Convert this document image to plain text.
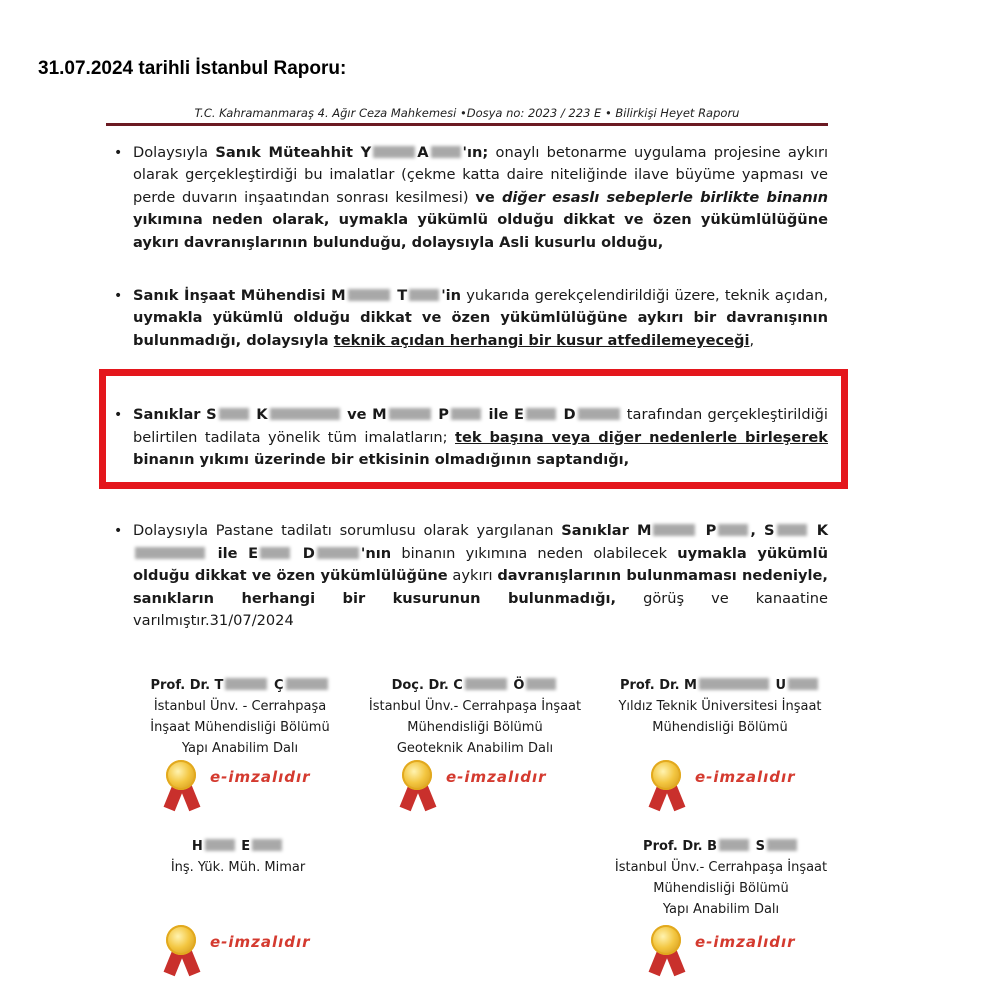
31.07.2024 tarihli İstanbul Raporu:
T.C. Kahramanmaraş 4. Ağır Ceza Mahkemesi •Dosya no: 2023 / 223 E • Bilirkişi Heyet Raporu
• Dolaysıyla Sanık Müteahhit Y	A 'ın; onaylı betonarme uygulama projesine aykırı olarak gerçekleştirdiği bu imalatlar (çekme katta daire niteliğinde ilave büyüme yapması ve perde duvarın inşaatından sonrası kesilmesi) ve diğer esaslı sebeplerle birlikte binanın yıkımına neden olarak, uymakla yükümlü olduğu dikkat ve özen yükümlülüğüne aykırı davranışlarının bulunduğu, dolaysıyla Asli kusurlu olduğu,
• Sanık İnşaat Mühendisi M	T 'in yukarıda gerekçelendirildiği üzere, teknik açıdan, uymakla yükümlü olduğu dikkat ve özen yükümlülüğüne aykırı bir davranışının bulunmadığı, dolaysıyla teknik açıdan herhangi bir kusur atfedilemeyeceği,
• Sanıklar S K	ve M	P ile E D	tarafından gerçekleştirildiği belirtilen tadilata yönelik tüm imalatların; tek başına veya diğer nedenlerle birleşerek binanın yıkımı üzerinde bir etkisinin olmadığının saptandığı,
• Dolaysıyla Pastane tadilatı sorumlusu olarak yargılanan Sanıklar M	P , S K ile E D	'nın binanın yıkımına neden olabilecek uymakla yükümlü olduğu dikkat ve özen yükümlülüğüne aykırı davranışlarının bulunmaması nedeniyle, sanıkların herhangi bir kusurunun bulunmadığı, görüş ve kanaatine varılmıştır.31/07/2024
Prof. Dr. T	Ç
İstanbul Ünv. - Cerrahpaşa
İnşaat Mühendisliği Bölümü
Yapı Anabilim Dalı
e-imzalıdır
Doç. Dr. C	Ö
İstanbul Ünv.- Cerrahpaşa İnşaat
Mühendisliği Bölümü
Geoteknik Anabilim Dalı
e-imzalıdır
Prof. Dr. M	U
Yıldız Teknik Üniversitesi İnşaat
Mühendisliği Bölümü
e-imzalıdır
H	E
İnş. Yük. Müh. Mimar
e-imzalıdır
Prof. Dr. B	S
İstanbul Ünv.- Cerrahpaşa İnşaat
Mühendisliği Bölümü
Yapı Anabilim Dalı
e-imzalıdır
